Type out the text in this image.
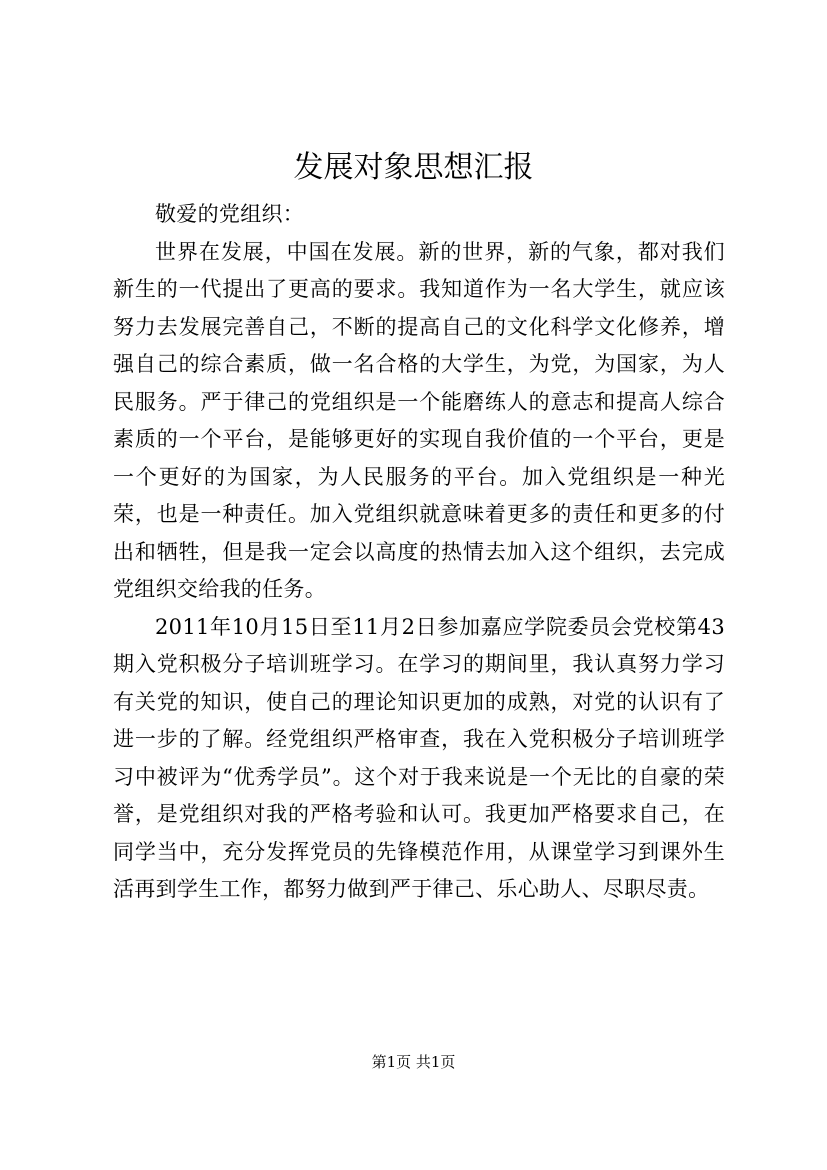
发展对象思想汇报

敬爱的党组织：

世界在发展，中国在发展。新的世界，新的气象，都对我们新生的一代提出了更高的要求。我知道作为一名大学生，就应该努力去发展完善自己，不断的提高自己的文化科学文化修养，增强自己的综合素质，做一名合格的大学生，为党，为国家，为人民服务。严于律己的党组织是一个能磨练人的意志和提高人综合素质的一个平台，是能够更好的实现自我价值的一个平台，更是一个更好的为国家，为人民服务的平台。加入党组织是一种光荣，也是一种责任。加入党组织就意味着更多的责任和更多的付出和牺牲，但是我一定会以高度的热情去加入这个组织，去完成党组织交给我的任务。

2011年10月15日至11月2日参加嘉应学院委员会党校第43期入党积极分子培训班学习。在学习的期间里，我认真努力学习有关党的知识，使自己的理论知识更加的成熟，对党的认识有了进一步的了解。经党组织严格审查，我在入党积极分子培训班学习中被评为“优秀学员”。这个对于我来说是一个无比的自豪的荣誉，是党组织对我的严格考验和认可。我更加严格要求自己，在同学当中，充分发挥党员的先锋模范作用，从课堂学习到课外生活再到学生工作，都努力做到严于律己、乐心助人、尽职尽责。

第1页 共1页
